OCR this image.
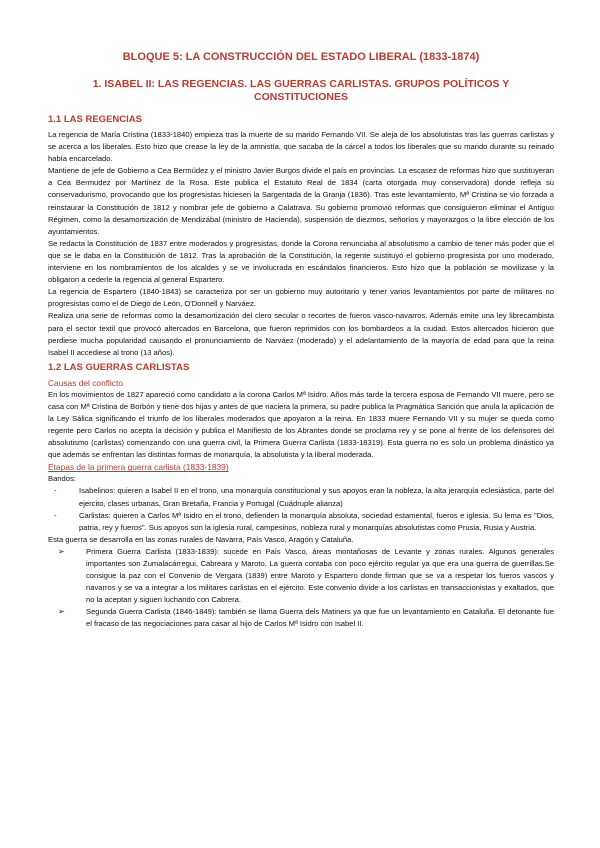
BLOQUE 5: LA CONSTRUCCIÓN DEL ESTADO LIBERAL (1833-1874)
1. ISABEL II: LAS REGENCIAS. LAS GUERRAS CARLISTAS. GRUPOS POLÍTICOS Y CONSTITUCIONES
1.1 LAS REGENCIAS

La regencia de María Cristina (1833-1840) empieza tras la muerte de su marido Fernando VII. Se aleja de los absolutistas tras las guerras carlistas y se acerca a los liberales. Esto hizo que crease la ley de la amnistía, que sacaba de la cárcel a todos los liberales que su marido durante su reinado había encarcelado.

Mantiene de jefe de Gobierno a Cea Bermúdez y el ministro Javier Burgos divide el país en provincias. La escasez de reformas hizo que sustituyeran a Cea Bermudez por Martínez de la Rosa. Este publica el Estatuto Real de 1834 (carta otorgada muy conservadora) donde refleja su conservadurismo, provocando que los progresistas hiciesen la Sargentada de la Granja (1836). Tras este levantamiento, Mª Cristina se vio forzada a reinstaurar la Constitución de 1812 y nombrar jefe de gobierno a Calatrava. Su gobierno promovió reformas que consiguieron eliminar el Antiguo Régimen, como la desamortización de Mendizábal (ministro de Hacienda), suspensión de diezmos, señoríos y mayorazgos o la libre elección de los ayuntamientos.

Se redacta la Constitución de 1837 entre moderados y progresistas, donde la Corona renunciaba al absolutismo a cambio de tener más poder que el que se le daba en la Constitución de 1812. Tras la aprobación de la Constitución, la regente sustituyó el gobierno progresista por uno moderado, interviene en los nombramientos de los alcaldes y se ve involucrada en escándalos financieros. Esto hizo que la población se movilizase y la obligaron a cederle la regencia al general Espartero.

La regencia de Espartero (1840-1843) se caracteriza por ser un gobierno muy autoritario y tener varios levantamientos por parte de militares no progresistas como el de Diego de León, O'Donnell y Narváez.

Realiza una serie de reformas como la desamortización del clero secular o recortes de fueros vasco-navarros. Además emite una ley librecambista para el sector textil que provocó altercados en Barcelona, que fueron reprimidos con los bombardeos a la ciudad. Estos altercados hicieron que perdiese mucha popularidad causando el pronunciamiento de Narváez (moderado) y el adelantamiento de la mayoría de edad para que la reina Isabel II accediese al trono (13 años).

1.2 LAS GUERRAS CARLISTAS
Causas del conflicto

En los movimientos de 1827 apareció como candidato a la corona Carlos Mª Isidro. Años más tarde la tercera esposa de Fernando VII muere, pero se casa con Mª Cristina de Borbón y tiene dos hijas y antes de que naciera la primera, su padre publica la Pragmática Sanción que anula la aplicación de la Ley Sálica significando el triunfo de los liberales moderados que apoyaron a la reina. En 1833 muere Fernando VII y su mujer se queda como regente pero Carlos no acepta la decisión y publica el Manifiesto de los Abrantes donde se proclama rey y se pone al frente de los defensores del absolutismo (carlistas) comenzando con una guerra civil, la Primera Guerra Carlista (1833-18319). Esta guerra no es solo un problema dinástico ya que además se enfrentan las distintas formas de monarquía, la absolutista y la liberal moderada.

Etapas de la primera guerra carlista (1833-1839)

Bandos:

-	Isabelinos: quieren a Isabel II en el trono, una monarquía constitucional y sus apoyos eran la nobleza, la alta jerarquía eclesiástica, parte del ejercito, clases urbanas, Gran Bretaña, Francia y Portugal (Cuádruple alianza)
-	Carlistas: quieren a Carlos Mª Isidro en el trono, defienden la monarquía absoluta, sociedad estamental, fueros e iglesia. Su lema es "Dios, patria, rey y fueros". Sus apoyos son la iglesia rural, campesinos, nobleza rural y monarquías absolutistas como Prusia, Rusia y Austria.

Esta guerra se desarrolla en las zonas rurales de Navarra, País Vasco, Aragón y Cataluña.

➢	Primera Guerra Carlista (1833-1839): sucede en País Vasco, áreas montañosas de Levante y zonas rurales. Algunos generales importantes son Zumalacárregui, Cabreara y Maroto. La guerra contaba con poco ejército regular ya que era una guerra de guerrillas.Se consigue la paz con el Convenio de Vergara (1839) entre Maroto y Espartero donde firman que se va a respetar los fueros vascos y navarros y se va a integrar a los militares carlistas en el ejército. Este convenio divide a los carlistas en transaccionistas y exaltados, que no la aceptan y siguen luchando con Cabrera.
➢	Segunda Guerra Carlista (1846-1849): también se llama Guerra dels Matiners ya que fue un levantamiento en Cataluña. El detonante fue el fracaso de las negociaciones para casar al hijo de Carlos Mª Isidro con Isabel II.
